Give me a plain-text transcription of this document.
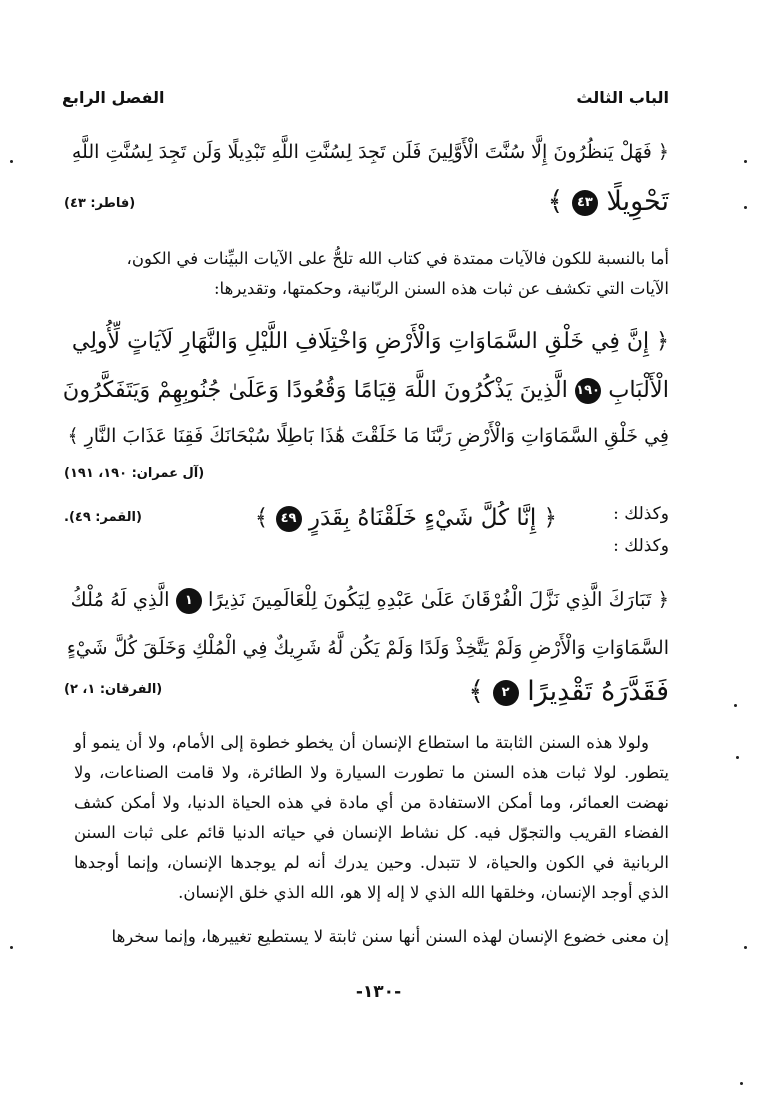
الباب الثالث
الفصل الرابع
﴿ فَهَلْ يَنظُرُونَ إِلَّا سُنَّتَ الْأَوَّلِينَ فَلَن تَجِدَ لِسُنَّتِ اللَّهِ تَبْدِيلًا وَلَن تَجِدَ لِسُنَّتِ اللَّهِ
تَحْوِيلًا ٤٣ ﴾
(فاطر: ٤٣)
أما بالنسبة للكون فالآيات ممتدة في كتاب الله تلحُّ على الآيات البيِّنات في الكون،
الآيات التي تكشف عن ثبات هذه السنن الربّانية، وحكمتها، وتقديرها:
﴿ إِنَّ فِي خَلْقِ السَّمَاوَاتِ وَالْأَرْضِ وَاخْتِلَافِ اللَّيْلِ وَالنَّهَارِ لَآيَاتٍ لِّأُولِي
الْأَلْبَابِ ١٩٠ الَّذِينَ يَذْكُرُونَ اللَّهَ قِيَامًا وَقُعُودًا وَعَلَىٰ جُنُوبِهِمْ وَيَتَفَكَّرُونَ
فِي خَلْقِ السَّمَاوَاتِ وَالْأَرْضِ رَبَّنَا مَا خَلَقْتَ هَٰذَا بَاطِلًا سُبْحَانَكَ فَقِنَا عَذَابَ النَّارِ ﴾
(آل عمران: ١٩٠، ١٩١)
وكذلك :
﴿ إِنَّا كُلَّ شَيْءٍ خَلَقْنَاهُ بِقَدَرٍ ٤٩ ﴾
(القمر: ٤٩).
وكذلك :
﴿ تَبَارَكَ الَّذِي نَزَّلَ الْفُرْقَانَ عَلَىٰ عَبْدِهِ لِيَكُونَ لِلْعَالَمِينَ نَذِيرًا ١ الَّذِي لَهُ مُلْكُ
السَّمَاوَاتِ وَالْأَرْضِ وَلَمْ يَتَّخِذْ وَلَدًا وَلَمْ يَكُن لَّهُ شَرِيكٌ فِي الْمُلْكِ وَخَلَقَ كُلَّ شَيْءٍ
فَقَدَّرَهُ تَقْدِيرًا ٢ ﴾
(الفرقان: ١، ٢)
ولولا هذه السنن الثابتة ما استطاع الإنسان أن يخطو خطوة إلى الأمام، ولا أن ينمو أو يتطور. لولا ثبات هذه السنن ما تطورت السيارة ولا الطائرة، ولا قامت الصناعات، ولا نهضت العمائر، وما أمكن الاستفادة من أي مادة في هذه الحياة الدنيا، ولا أمكن كشف الفضاء القريب والتجوّل فيه. كل نشاط الإنسان في حياته الدنيا قائم على ثبات السنن الربانية في الكون والحياة، لا تتبدل. وحين يدرك أنه لم يوجدها الإنسان، وإنما أوجدها الذي أوجد الإنسان، وخلقها الله الذي لا إله إلا هو، الله الذي خلق الإنسان.
إن معنى خضوع الإنسان لهذه السنن أنها سنن ثابتة لا يستطيع تغييرها، وإنما سخرها
-١٣٠-
